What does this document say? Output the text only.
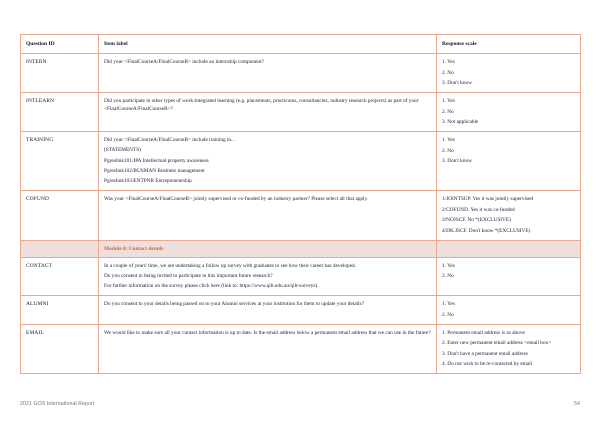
Question ID	Item label	Response scale
INTERN	Did your <FinalCourseA/FinalCourseB> include an internship component?	1. Yes
2. No
3. Don't know

INTLEARN	Did you participate in other types of work-integrated learning (e.g. placements, practicums, consultancies, industry research projects) as part of your <FinalCourseA/FinalCourseB>?	1. Yes
2. No
3. Not applicable

TRAINING	Did your <FinalCourseA/FinalCourseB> include training in...
(STATEMENTS)
Pgreslink101/IPA Intellectual property awareness
Pgreslink102/BUSMAN Business management
Pgreslink103/ENTPNR Entrepreneurship	1. Yes
2. No
3. Don't know

COFUND	Was your <FinalCourseA/FinalCourseB> jointly supervised or co-funded by an industry partner? Please select all that apply.	1/JOINTSUP. Yes it was jointly supervised
2/COFUND. Yes it was co-funded
3/NOJSCF. No *(EXCLUSIVE)
4/DK.JSCF. Don't know *(EXCLUSIVE)

	Module 0: Contact details	
CONTACT	In a couple of years' time, we are undertaking a follow up survey with graduates to see how their career has developed.
Do you consent to being invited to participate in this important future research?
For further information on the survey please click here (link to: https://www.qilt.edu.au/qilt-surveys).	1. Yes
2. No

ALUMNI	Do you consent to your details being passed on to your Alumni services at your institution for them to update your details?	1. Yes
2. No

EMAIL	We would like to make sure all your contact information is up to date. Is the email address below a permanent email address that we can use in the future?	1. Permanent email address is as above
2. Enter new permanent email address <email box>
3. Don't have a permanent email address
4. Do not wish to be re-contacted by email
2021 GOS International Report	54
